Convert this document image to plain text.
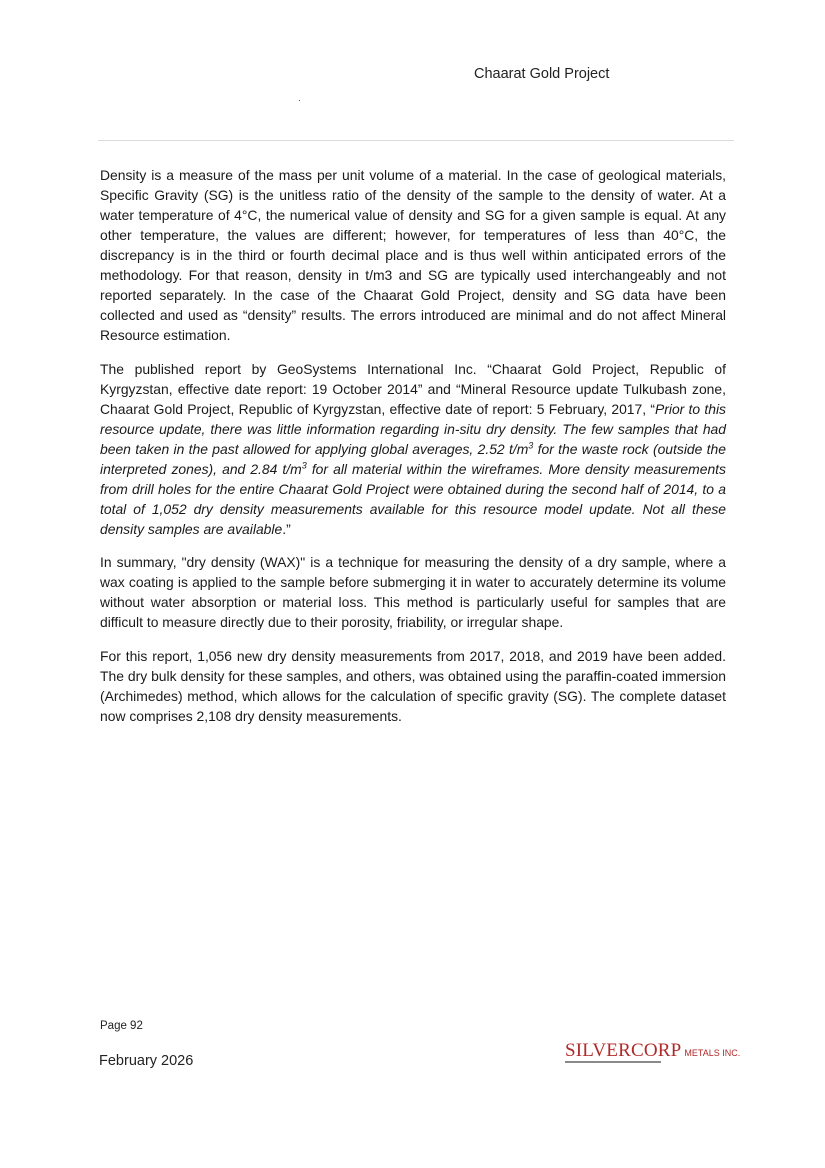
Chaarat Gold Project

Density is a measure of the mass per unit volume of a material. In the case of geological materials, Specific Gravity (SG) is the unitless ratio of the density of the sample to the density of water. At a water temperature of 4°C, the numerical value of density and SG for a given sample is equal. At any other temperature, the values are different; however, for temperatures of less than 40°C, the discrepancy is in the third or fourth decimal place and is thus well within anticipated errors of the methodology. For that reason, density in t/m3 and SG are typically used interchangeably and not reported separately. In the case of the Chaarat Gold Project, density and SG data have been collected and used as “density” results. The errors introduced are minimal and do not affect Mineral Resource estimation.

The published report by GeoSystems International Inc. “Chaarat Gold Project, Republic of Kyrgyzstan, effective date report: 19 October 2014” and “Mineral Resource update Tulkubash zone, Chaarat Gold Project, Republic of Kyrgyzstan, effective date of report: 5 February, 2017, “Prior to this resource update, there was little information regarding in-situ dry density. The few samples that had been taken in the past allowed for applying global averages, 2.52 $t/m^3$ for the waste rock (outside the interpreted zones), and 2.84 $t/m^3$ for all material within the wireframes. More density measurements from drill holes for the entire Chaarat Gold Project were obtained during the second half of 2014, to a total of 1,052 dry density measurements available for this resource model update. Not all these density samples are available.”

In summary, "dry density (WAX)" is a technique for measuring the density of a dry sample, where a wax coating is applied to the sample before submerging it in water to accurately determine its volume without water absorption or material loss. This method is particularly useful for samples that are difficult to measure directly due to their porosity, friability, or irregular shape.

For this report, 1,056 new dry density measurements from 2017, 2018, and 2019 have been added. The dry bulk density for these samples, and others, was obtained using the paraffin-coated immersion (Archimedes) method, which allows for the calculation of specific gravity (SG). The complete dataset now comprises 2,108 dry density measurements.

Page 92
February 2026	SILVERCORP METALS INC.
